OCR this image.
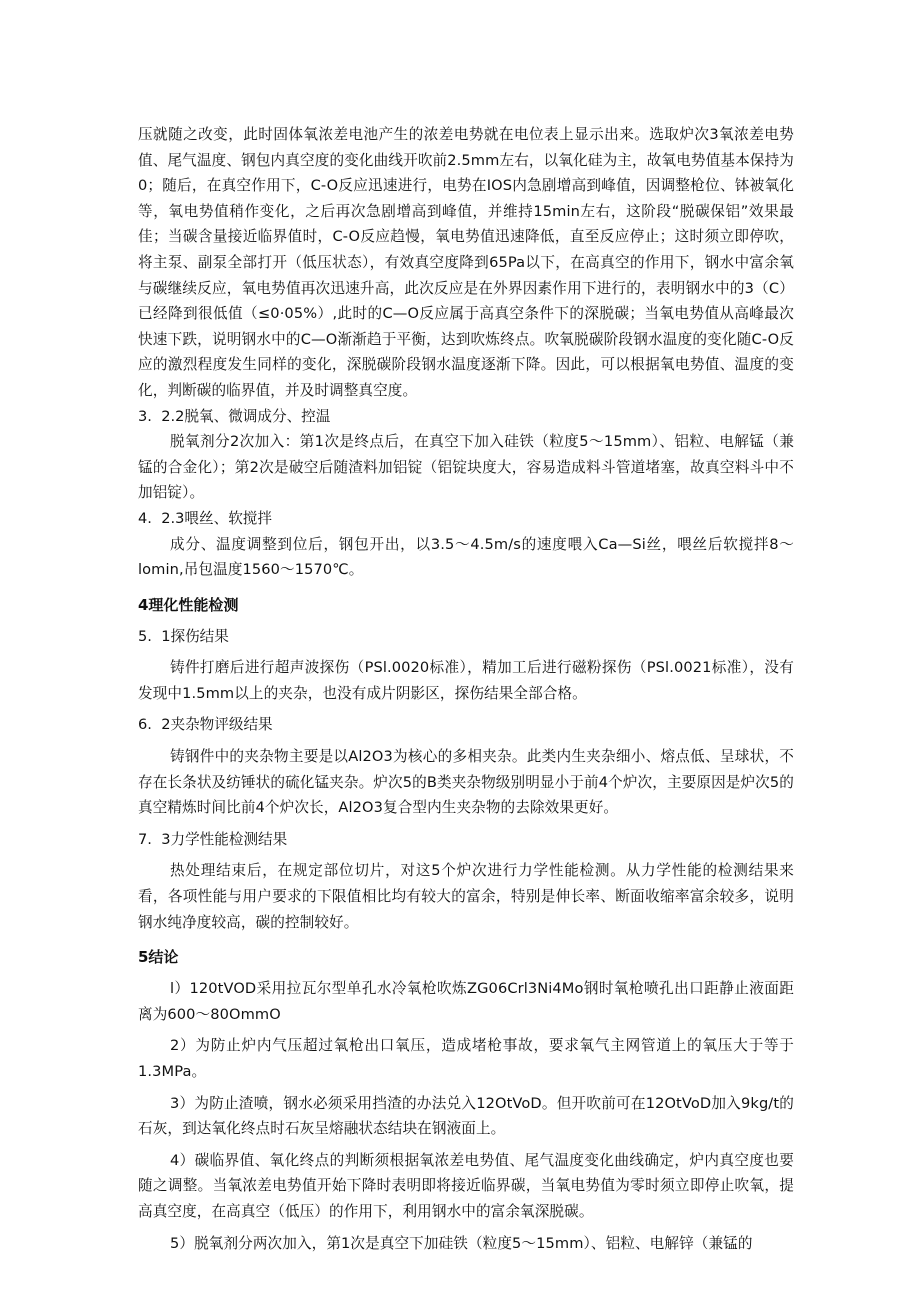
压就随之改变，此时固体氧浓差电池产生的浓差电势就在电位表上显示出来。选取炉次3氧浓差电势值、尾气温度、钢包内真空度的变化曲线开吹前2.5mm左右，以氧化硅为主，故氧电势值基本保持为0；随后，在真空作用下，C-O反应迅速进行，电势在IOS内急剧增高到峰值，因调整枪位、钵被氧化等，氧电势值稍作变化，之后再次急剧增高到峰值，并维持15min左右，这阶段“脱碳保铝”效果最佳；当碳含量接近临界值时，C-O反应趋慢，氧电势值迅速降低，直至反应停止；这时须立即停吹，将主泵、副泵全部打开（低压状态），有效真空度降到65Pa以下，在高真空的作用下，钢水中富余氧与碳继续反应，氧电势值再次迅速升高，此次反应是在外界因素作用下进行的，表明钢水中的3（C）已经降到很低值（≤0·05%）,此时的C—O反应属于高真空条件下的深脱碳；当氧电势值从高峰最次快速下跌，说明钢水中的C—O渐渐趋于平衡，达到吹炼终点。吹氧脱碳阶段钢水温度的变化随C-O反应的激烈程度发生同样的变化，深脱碳阶段钢水温度逐渐下降。因此，可以根据氧电势值、温度的变化，判断碳的临界值，并及时调整真空度。

3.  2.2脱氧、微调成分、控温

脱氧剂分2次加入：第1次是终点后，在真空下加入硅铁（粒度5～15mm）、铝粒、电解锰（兼锰的合金化）；第2次是破空后随渣料加铝锭（铝锭块度大，容易造成料斗管道堵塞，故真空料斗中不加铝锭）。

4.  2.3喂丝、软搅拌

成分、温度调整到位后，钢包开出，以3.5～4.5m/s的速度喂入Ca—Si丝，喂丝后软搅拌8～lomin,吊包温度1560～1570℃。

4理化性能检测

5.  1探伤结果

铸件打磨后进行超声波探伤（PSl.0020标准），精加工后进行磁粉探伤（PSl.0021标准），没有发现中1.5mm以上的夹杂，也没有成片阴影区，探伤结果全部合格。

6.  2夹杂物评级结果

铸钢件中的夹杂物主要是以Al2O3为核心的多相夹杂。此类内生夹杂细小、熔点低、呈球状，不存在长条状及纺锤状的硫化锰夹杂。炉次5的B类夹杂物级别明显小于前4个炉次，主要原因是炉次5的真空精炼时间比前4个炉次长，Al2O3复合型内生夹杂物的去除效果更好。

7.  3力学性能检测结果

热处理结束后，在规定部位切片，对这5个炉次进行力学性能检测。从力学性能的检测结果来看，各项性能与用户要求的下限值相比均有较大的富余，特别是伸长率、断面收缩率富余较多，说明钢水纯净度较高，碳的控制较好。

5结论

l）120tVOD采用拉瓦尔型单孔水冷氧枪吹炼ZG06Crl3Ni4Mo钢时氧枪喷孔出口距静止液面距离为600～80OmmO

2）为防止炉内气压超过氧枪出口氧压，造成堵枪事故，要求氧气主网管道上的氧压大于等于1.3MPa。

3）为防止渣喷，钢水必须采用挡渣的办法兑入12OtVoD。但开吹前可在12OtVoD加入9kg/t的石灰，到达氧化终点时石灰呈熔融状态结块在钢液面上。

4）碳临界值、氧化终点的判断须根据氧浓差电势值、尾气温度变化曲线确定，炉内真空度也要随之调整。当氧浓差电势值开始下降时表明即将接近临界碳，当氧电势值为零时须立即停止吹氧，提高真空度，在高真空（低压）的作用下，利用钢水中的富余氧深脱碳。

5）脱氧剂分两次加入，第1次是真空下加硅铁（粒度5～15mm）、铝粒、电解锌（兼锰的
